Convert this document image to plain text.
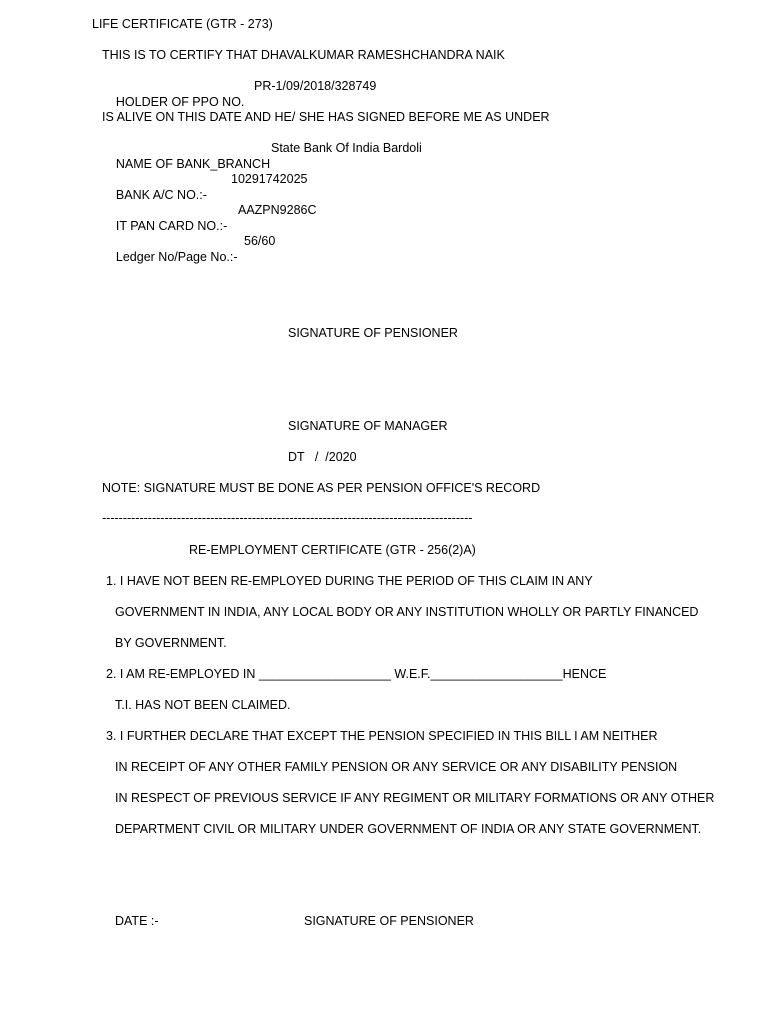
LIFE CERTIFICATE (GTR - 273)
THIS IS TO CERTIFY THAT DHAVALKUMAR RAMESHCHANDRA NAIK

HOLDER OF PPO NO.

PR-1/09/2018/328749

IS ALIVE ON THIS DATE AND HE/ SHE HAS SIGNED BEFORE ME AS UNDER

NAME OF BANK_BRANCH

State Bank Of India Bardoli

BANK A/C NO.:-

10291742025

IT PAN CARD NO.:-

AAZPN9286C

Ledger No/Page No.:-

56/60

SIGNATURE OF PENSIONER
SIGNATURE OF MANAGER
DT   /  /2020
NOTE: SIGNATURE MUST BE DONE AS PER PENSION OFFICE'S RECORD
-----------------------------------------------------------------------------------------
RE-EMPLOYMENT CERTIFICATE (GTR - 256(2)A)
1. I HAVE NOT BEEN RE-EMPLOYED DURING THE PERIOD OF THIS CLAIM IN ANY
GOVERNMENT IN INDIA, ANY LOCAL BODY OR ANY INSTITUTION WHOLLY OR PARTLY FINANCED
BY GOVERNMENT.
2. I AM RE-EMPLOYED IN ___________________ W.E.F.___________________HENCE
T.I. HAS NOT BEEN CLAIMED.
3. I FURTHER DECLARE THAT EXCEPT THE PENSION SPECIFIED IN THIS BILL I AM NEITHER
IN RECEIPT OF ANY OTHER FAMILY PENSION OR ANY SERVICE OR ANY DISABILITY PENSION
IN RESPECT OF PREVIOUS SERVICE IF ANY REGIMENT OR MILITARY FORMATIONS OR ANY OTHER
DEPARTMENT CIVIL OR MILITARY UNDER GOVERNMENT OF INDIA OR ANY STATE GOVERNMENT.
DATE :-	SIGNATURE OF PENSIONER
